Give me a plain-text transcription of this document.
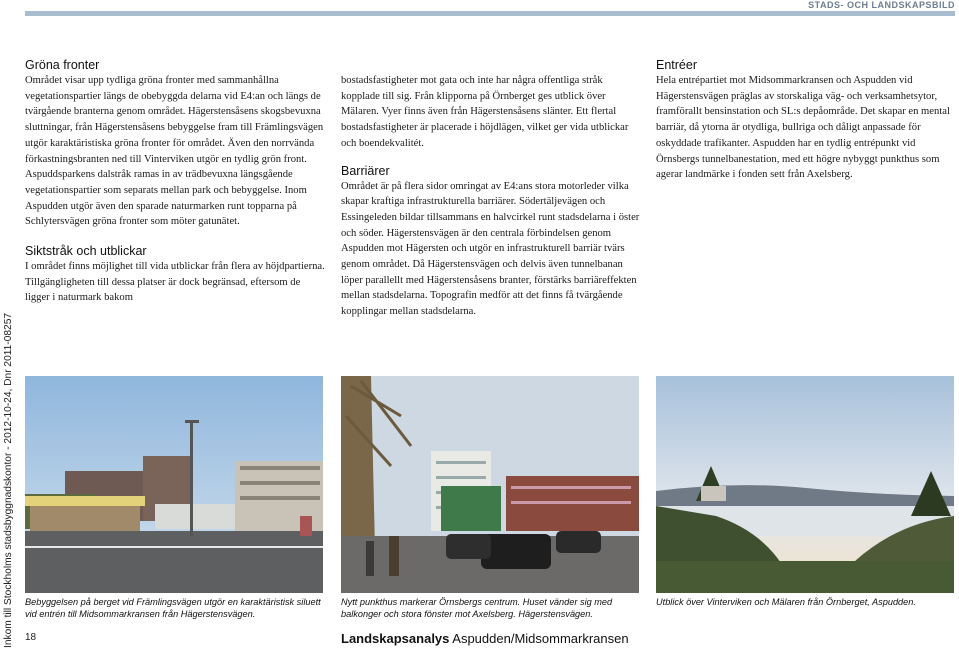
STADS- OCH LANDSKAPSBILD
Inkom till Stockholms stadsbyggnadskontor - 2012-10-24, Dnr 2011-08257
Gröna fronter

Området visar upp tydliga gröna fronter med sammanhållna vegetationspartier längs de obebyggda delarna vid E4:an och längs de tvärgående branterna genom området. Hägerstensåsens skogsbevuxna sluttningar, från Hägerstensåsens bebyggelse fram till Främlingsvägen utgör karaktäristiska gröna fronter för området. Även den norrvända förkastningsbranten ned till Vinterviken utgör en tydlig grön front. Aspuddsparkens dalstråk ramas in av trädbevuxna längsgående vegetationspartier som separats mellan park och bebyggelse. Inom Aspudden utgör även den sparade naturmarken runt topparna på Schlytersvägen gröna fronter som möter gatunätet.

Siktstråk och utblickar

I området finns möjlighet till vida utblickar från flera av höjdpartierna. Tillgängligheten till dessa platser är dock begränsad, eftersom de ligger i naturmark bakom

bostadsfastigheter mot gata och inte har några offentliga stråk kopplade till sig. Från klipporna på Örnberget ges utblick över Mälaren. Vyer finns även från Hägerstensåsens slänter. Ett flertal bostadsfastigheter är placerade i höjdlägen, vilket ger vida utblickar och boendekvalitét.

Barriärer

Området är på flera sidor omringat av E4:ans stora motorleder vilka skapar kraftiga infrastrukturella barriärer. Södertäljevägen och Essingeleden bildar tillsammans en halvcirkel runt stadsdelarna i öster och söder. Hägerstensvägen är den centrala förbindelsen genom Aspudden mot Hägersten och utgör en infrastrukturell barriär tvärs genom området. Då Hägerstensvägen och delvis även tunnelbanan löper parallellt med Hägerstensåsens branter, förstärks barriäreffekten mellan stadsdelarna. Topografin medför att det finns få tvärgående kopplingar mellan stadsdelarna.

Entréer

Hela entrépartiet mot Midsommarkransen och Aspudden vid Hägerstensvägen präglas av storskaliga väg- och verksamhetsytor, framförallt bensinstation och SL:s depåområde. Det skapar en mental barriär, då ytorna är otydliga, bullriga och dåligt anpassade för oskyddade trafikanter. Aspudden har en tydlig entrépunkt vid Örnsbergs tunnelbanestation, med ett högre nybyggt punkthus som agerar landmärke i fonden sett från Axelsberg.

Bebyggelsen på berget vid Främlingsvägen utgör en karaktäristisk siluett vid entrén till Midsommarkransen från Hägerstensvägen.
Nytt punkthus markerar Örnsbergs centrum. Huset vänder sig med balkonger och stora fönster mot Axelsberg. Hägerstensvägen.
Utblick över Vinterviken och Mälaren från Örnberget, Aspudden.
18	Landskapsanalys Aspudden/Midsommarkransen
